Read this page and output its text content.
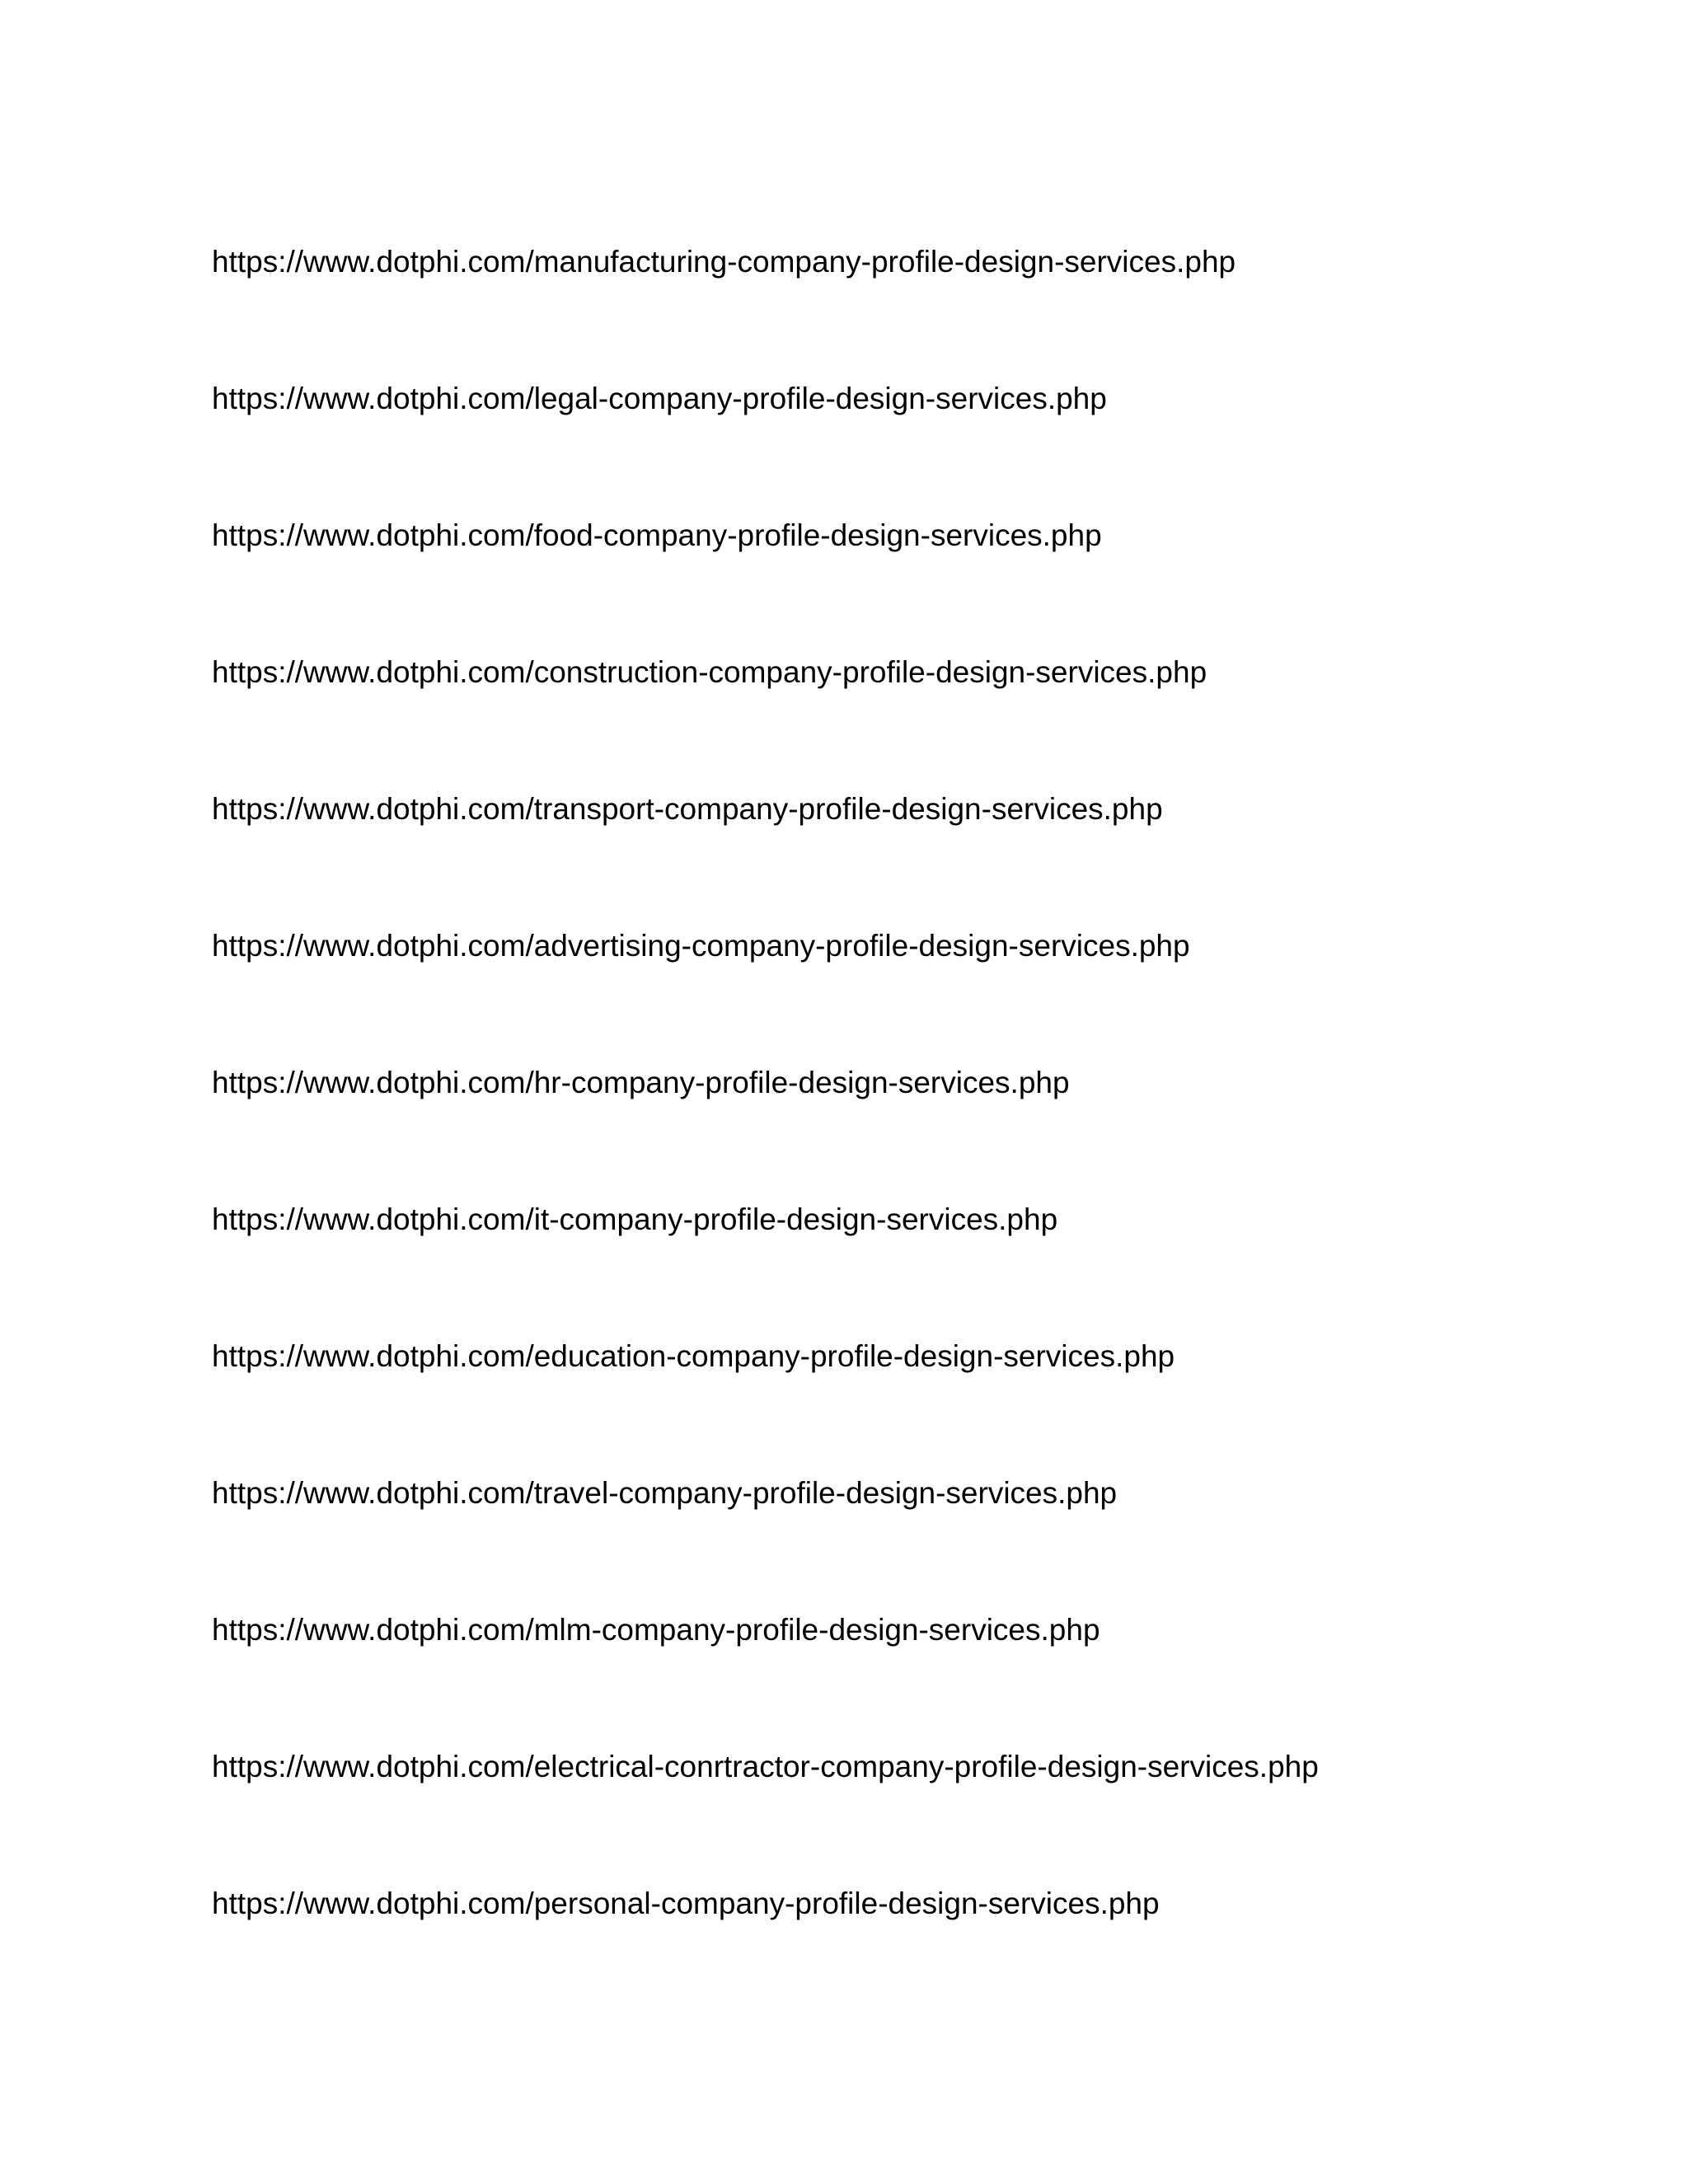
https://www.dotphi.com/manufacturing-company-profile-design-services.php
https://www.dotphi.com/legal-company-profile-design-services.php
https://www.dotphi.com/food-company-profile-design-services.php
https://www.dotphi.com/construction-company-profile-design-services.php
https://www.dotphi.com/transport-company-profile-design-services.php
https://www.dotphi.com/advertising-company-profile-design-services.php
https://www.dotphi.com/hr-company-profile-design-services.php
https://www.dotphi.com/it-company-profile-design-services.php
https://www.dotphi.com/education-company-profile-design-services.php
https://www.dotphi.com/travel-company-profile-design-services.php
https://www.dotphi.com/mlm-company-profile-design-services.php
https://www.dotphi.com/electrical-conrtractor-company-profile-design-services.php
https://www.dotphi.com/personal-company-profile-design-services.php
